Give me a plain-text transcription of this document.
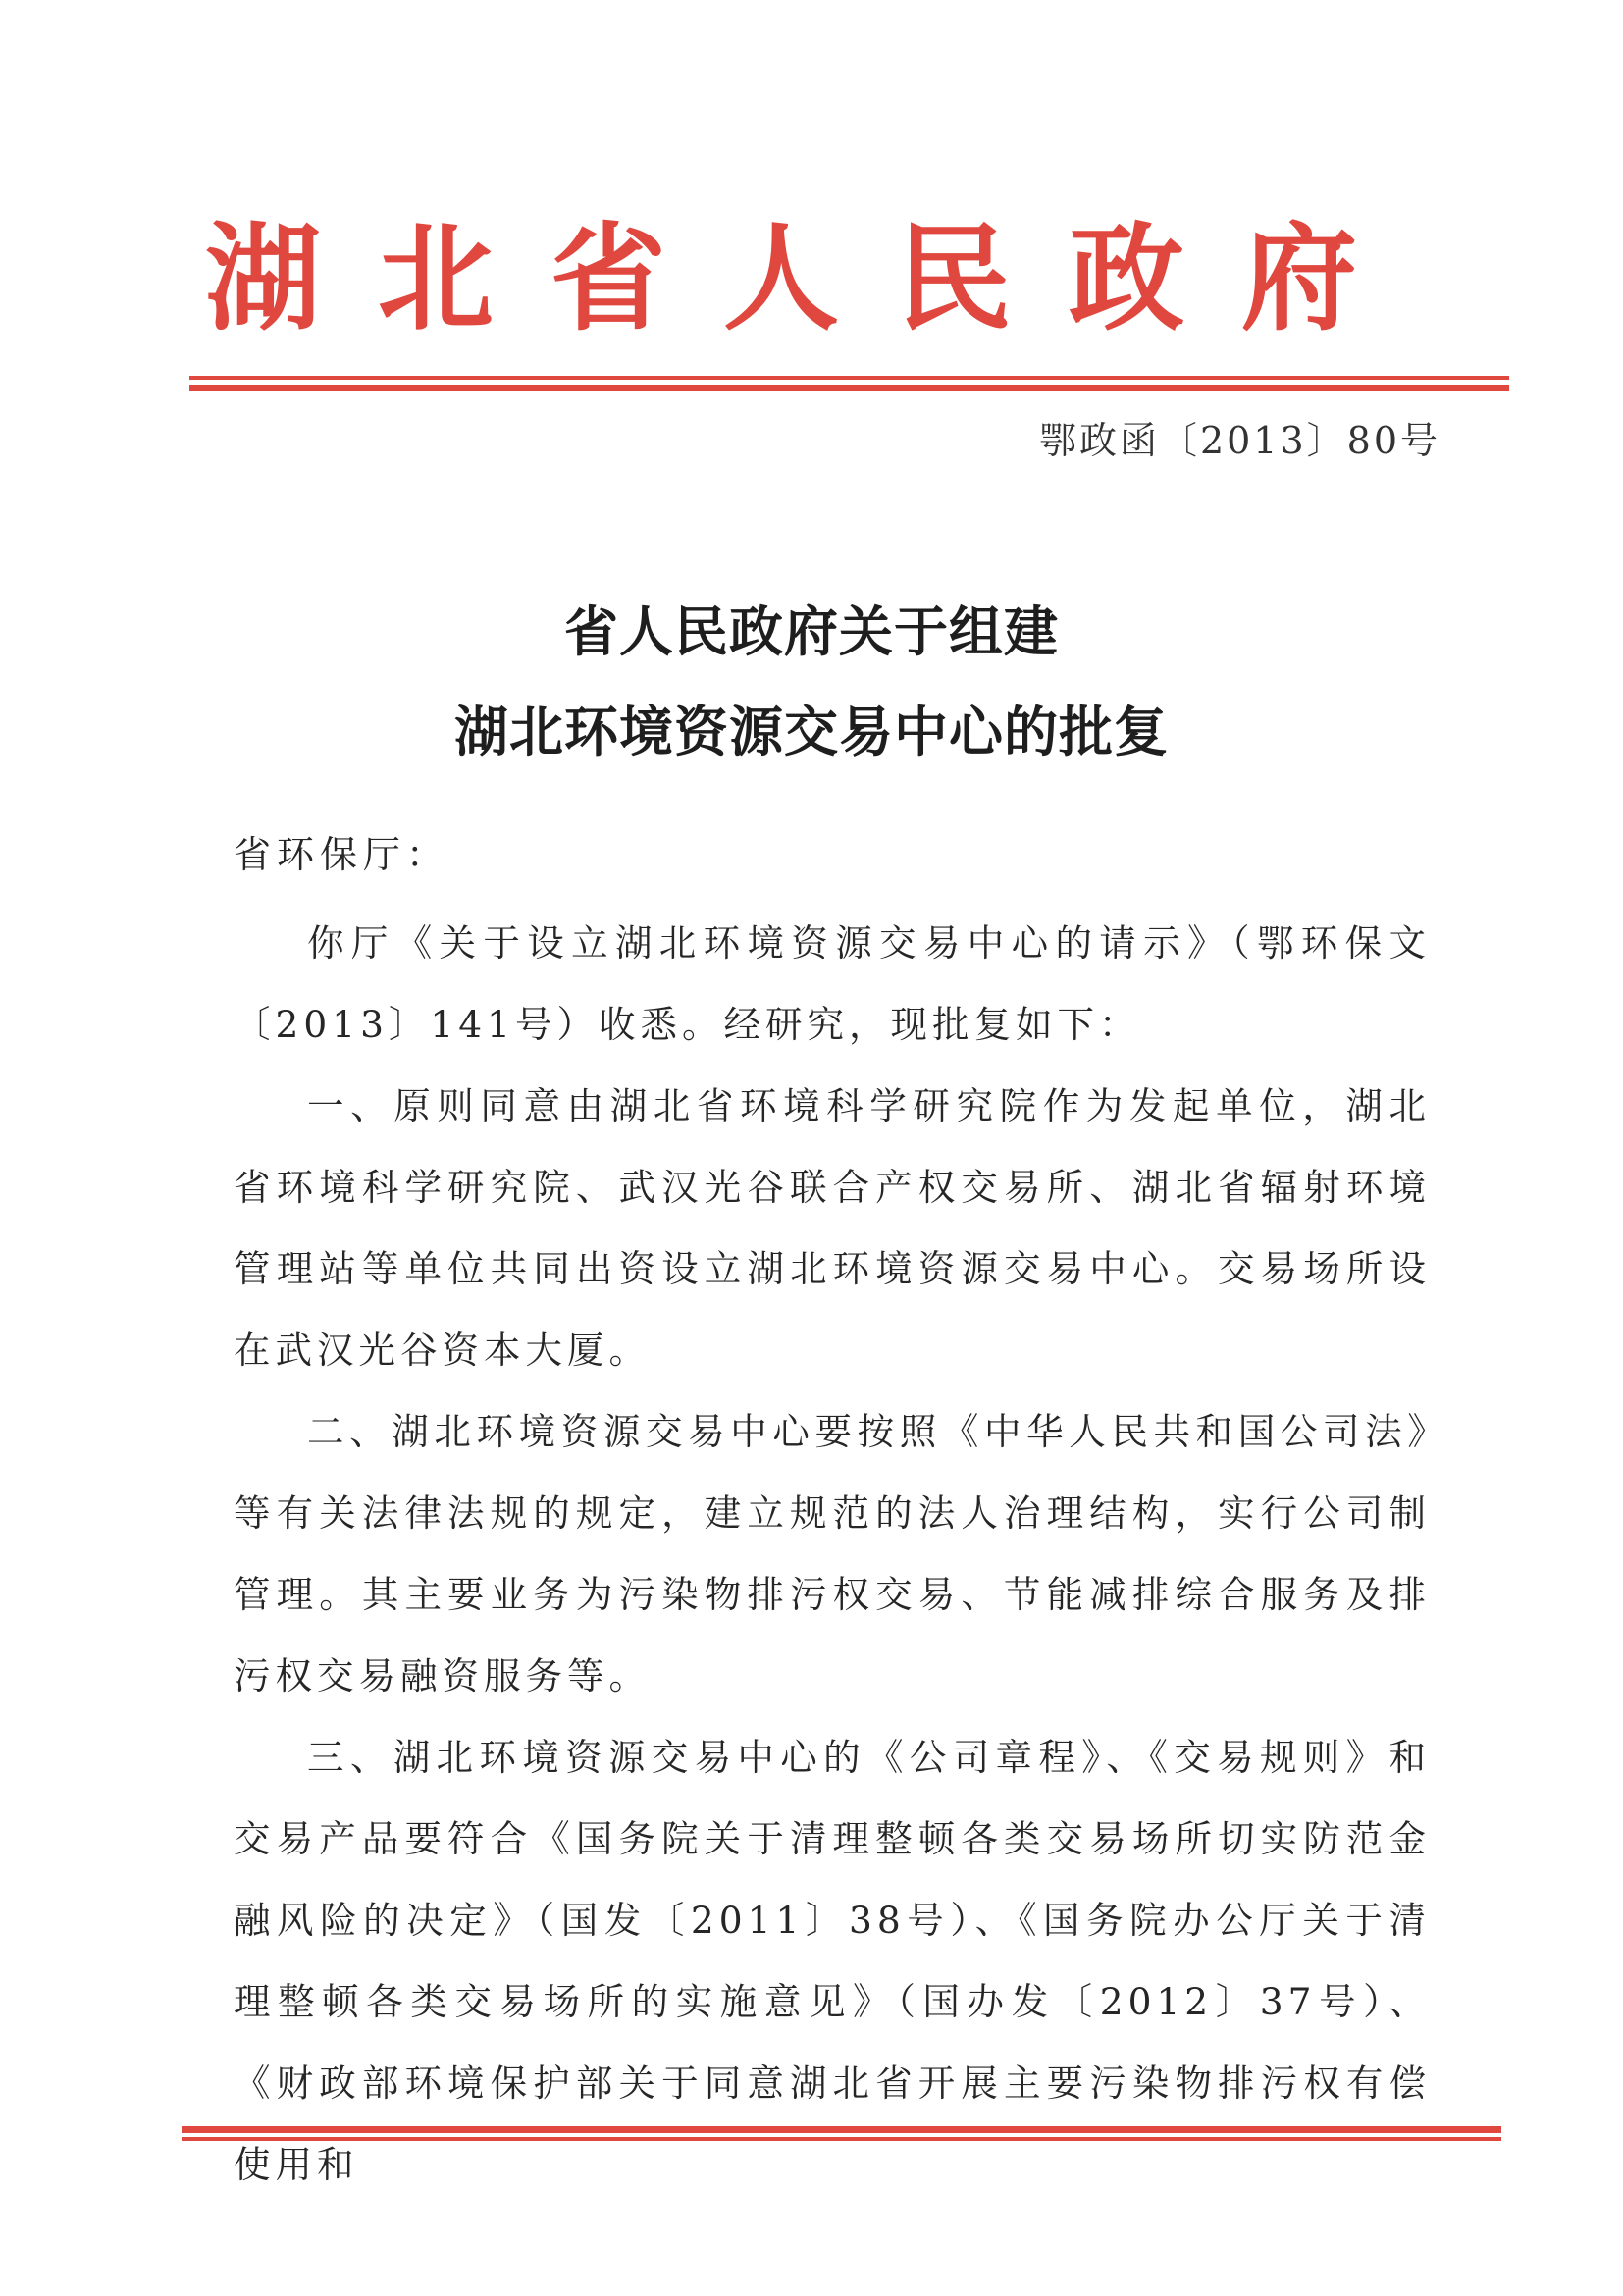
湖北省人民政府
鄂政函〔2013〕80号
省人民政府关于组建
湖北环境资源交易中心的批复
省环保厅：

你厅《关于设立湖北环境资源交易中心的请示》（鄂环保文〔2013〕141号）收悉。经研究，现批复如下：

一、原则同意由湖北省环境科学研究院作为发起单位，湖北省环境科学研究院、武汉光谷联合产权交易所、湖北省辐射环境管理站等单位共同出资设立湖北环境资源交易中心。交易场所设在武汉光谷资本大厦。

二、湖北环境资源交易中心要按照《中华人民共和国公司法》等有关法律法规的规定，建立规范的法人治理结构，实行公司制管理。其主要业务为污染物排污权交易、节能减排综合服务及排污权交易融资服务等。

三、湖北环境资源交易中心的《公司章程》、《交易规则》和交易产品要符合《国务院关于清理整顿各类交易场所切实防范金融风险的决定》（国发〔2011〕38号）、《国务院办公厅关于清理整顿各类交易场所的实施意见》（国办发〔2012〕37号）、《财政部环境保护部关于同意湖北省开展主要污染物排污权有偿使用和
